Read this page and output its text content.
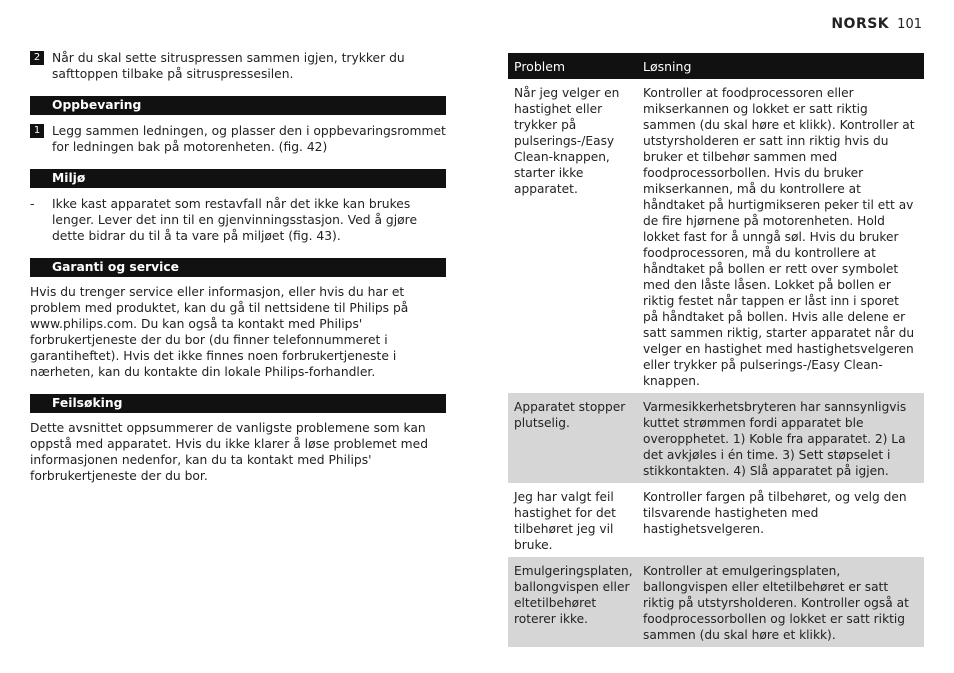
NORSK 101
2 Når du skal sette sitruspressen sammen igjen, trykker du safttoppen tilbake på sitruspressesilen.
Oppbevaring
1 Legg sammen ledningen, og plasser den i oppbevaringsrommet for ledningen bak på motorenheten. (fig. 42)
Miljø
-	Ikke kast apparatet som restavfall når det ikke kan brukes lenger. Lever det inn til en gjenvinningsstasjon. Ved å gjøre dette bidrar du til å ta vare på miljøet (fig. 43).
Garanti og service
Hvis du trenger service eller informasjon, eller hvis du har et problem med produktet, kan du gå til nettsidene til Philips på www.philips.com. Du kan også ta kontakt med Philips' forbrukertjeneste der du bor (du finner telefonnummeret i garantiheftet). Hvis det ikke finnes noen forbrukertjeneste i nærheten, kan du kontakte din lokale Philips-forhandler.
Feilsøking
Dette avsnittet oppsummerer de vanligste problemene som kan oppstå med apparatet. Hvis du ikke klarer å løse problemet med informasjonen nedenfor, kan du ta kontakt med Philips' forbrukertjeneste der du bor.
Problem	Løsning
Når jeg velger en hastighet eller trykker på pulserings-/Easy Clean-knappen, starter ikke apparatet.
Kontroller at foodprocessoren eller mikserkannen og lokket er satt riktig sammen (du skal høre et klikk). Kontroller at utstyrsholderen er satt inn riktig hvis du bruker et tilbehør sammen med foodprocessorbollen. Hvis du bruker mikserkannen, må du kontrollere at håndtaket på hurtigmikseren peker til ett av de fire hjørnene på motorenheten. Hold lokket fast for å unngå søl. Hvis du bruker foodprocessoren, må du kontrollere at håndtaket på bollen er rett over symbolet med den låste låsen. Lokket på bollen er riktig festet når tappen er låst inn i sporet på håndtaket på bollen. Hvis alle delene er satt sammen riktig, starter apparatet når du velger en hastighet med hastighetsvelgeren eller trykker på pulserings-/Easy Clean-knappen.
Apparatet stopper plutselig.
Varmesikkerhetsbryteren har sannsynligvis kuttet strømmen fordi apparatet ble overopphetet. 1) Koble fra apparatet. 2) La det avkjøles i én time. 3) Sett støpselet i stikkontakten. 4) Slå apparatet på igjen.
Jeg har valgt feil hastighet for det tilbehøret jeg vil bruke.
Kontroller fargen på tilbehøret, og velg den tilsvarende hastigheten med hastighetsvelgeren.
Emulgeringsplaten, ballongvispen eller eltetilbehøret roterer ikke.
Kontroller at emulgeringsplaten, ballongvispen eller eltetilbehøret er satt riktig på utstyrsholderen. Kontroller også at foodprocessorbollen og lokket er satt riktig sammen (du skal høre et klikk).
